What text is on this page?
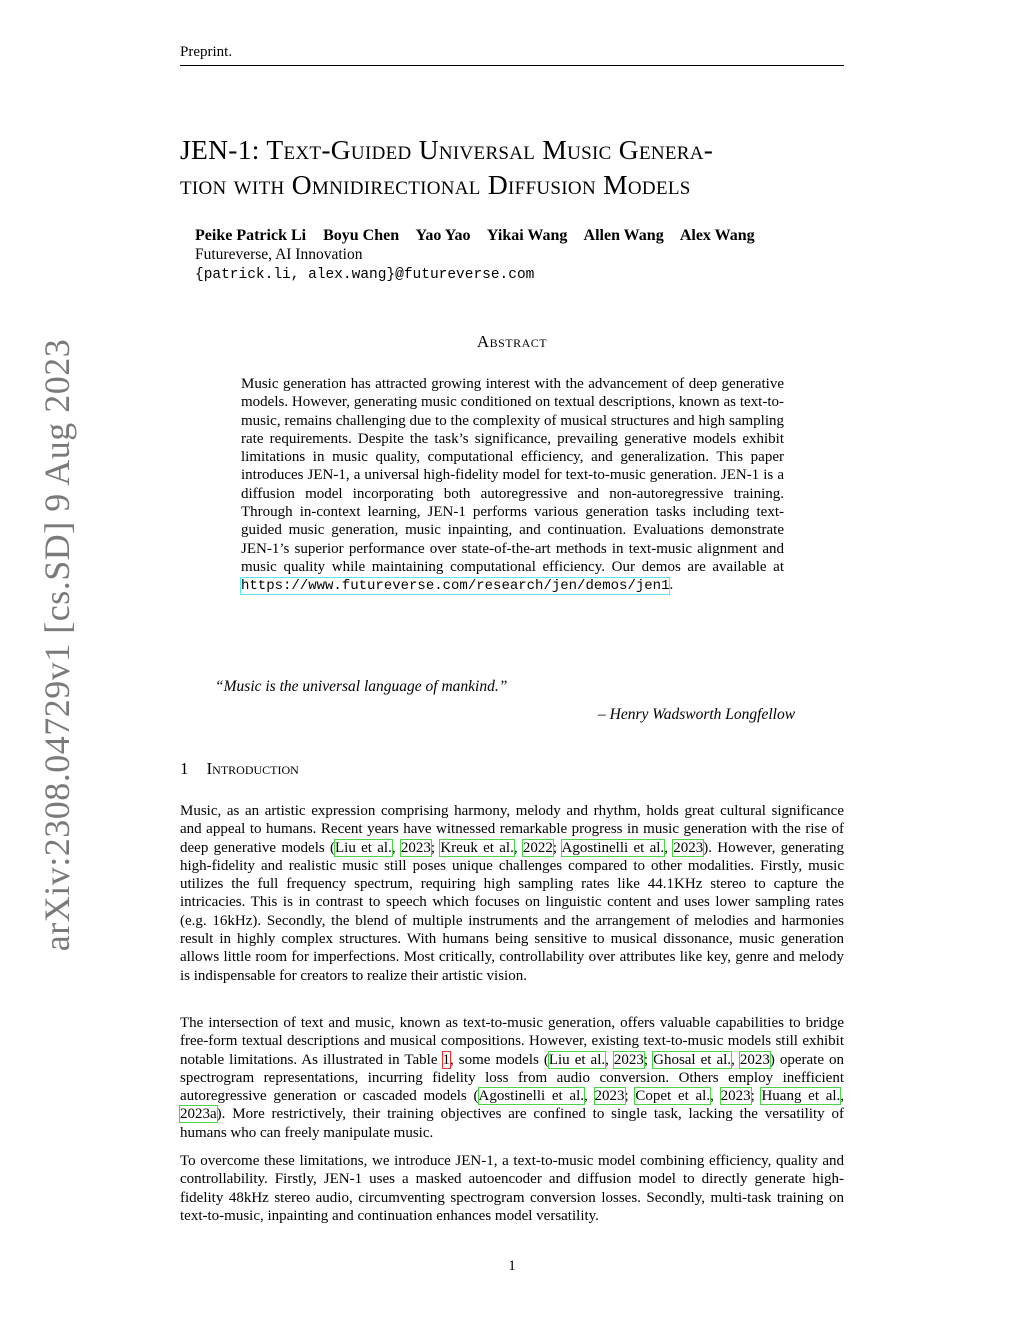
Preprint.
JEN-1: Text-Guided Universal Music Genera-
tion with Omnidirectional Diffusion Models
Peike Patrick Li Boyu Chen Yao Yao Yikai Wang Allen Wang Alex Wang
Futureverse, AI Innovation
{patrick.li, alex.wang}@futureverse.com
Abstract
Music generation has attracted growing interest with the advancement of deep generative models. However, generating music conditioned on textual descriptions, known as text-to-music, remains challenging due to the complexity of musical structures and high sampling rate requirements. Despite the task’s significance, prevailing generative models exhibit limitations in music quality, computational efficiency, and generalization. This paper introduces JEN-1, a universal high-fidelity model for text-to-music generation. JEN-1 is a diffusion model incorporating both autoregressive and non-autoregressive training. Through in-context learning, JEN-1 performs various generation tasks including text-guided music generation, music inpainting, and continuation. Evaluations demonstrate JEN-1’s superior performance over state-of-the-art methods in text-music alignment and music quality while maintaining computational efficiency. Our demos are available at https://www.futureverse.com/research/jen/demos/jen1.
“Music is the universal language of mankind.”
– Henry Wadsworth Longfellow
1 Introduction
Music, as an artistic expression comprising harmony, melody and rhythm, holds great cultural significance and appeal to humans. Recent years have witnessed remarkable progress in music generation with the rise of deep generative models (Liu et al., 2023; Kreuk et al., 2022; Agostinelli et al., 2023). However, generating high-fidelity and realistic music still poses unique challenges compared to other modalities. Firstly, music utilizes the full frequency spectrum, requiring high sampling rates like 44.1KHz stereo to capture the intricacies. This is in contrast to speech which focuses on linguistic content and uses lower sampling rates (e.g. 16kHz). Secondly, the blend of multiple instruments and the arrangement of melodies and harmonies result in highly complex structures. With humans being sensitive to musical dissonance, music generation allows little room for imperfections. Most critically, controllability over attributes like key, genre and melody is indispensable for creators to realize their artistic vision.
The intersection of text and music, known as text-to-music generation, offers valuable capabilities to bridge free-form textual descriptions and musical compositions. However, existing text-to-music models still exhibit notable limitations. As illustrated in Table 1, some models (Liu et al., 2023; Ghosal et al., 2023) operate on spectrogram representations, incurring fidelity loss from audio conversion. Others employ inefficient autoregressive generation or cascaded models (Agostinelli et al., 2023; Copet et al., 2023; Huang et al., 2023a). More restrictively, their training objectives are confined to single task, lacking the versatility of humans who can freely manipulate music.
To overcome these limitations, we introduce JEN-1, a text-to-music model combining efficiency, quality and controllability. Firstly, JEN-1 uses a masked autoencoder and diffusion model to directly generate high-fidelity 48kHz stereo audio, circumventing spectrogram conversion losses. Secondly, multi-task training on text-to-music, inpainting and continuation enhances model versatility.
1
arXiv:2308.04729v1 [cs.SD] 9 Aug 2023
